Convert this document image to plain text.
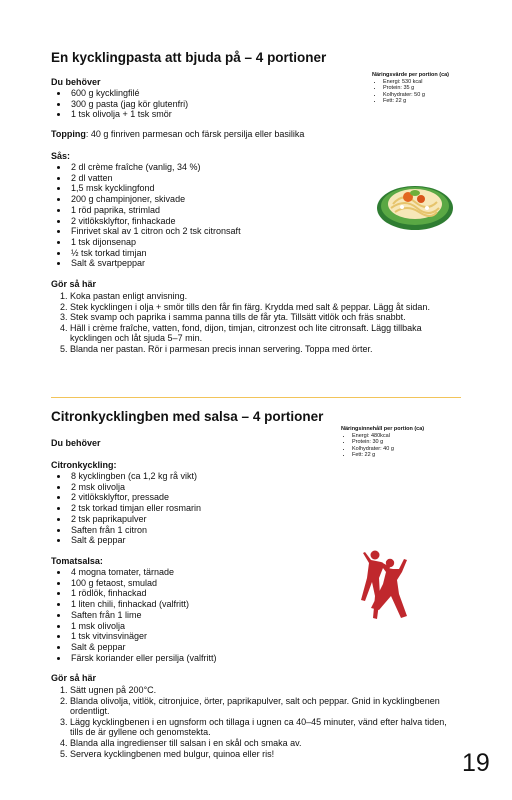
En kycklingpasta att bjuda på – 4 portioner
Du behöver
• 600 g kycklingfilé
• 300 g pasta (jag kör glutenfri)
• 1 tsk olivolja + 1 tsk smör

Topping: 40 g finriven parmesan och färsk persilja eller basilika

Sås:
• 2 dl crème fraîche (vanlig, 34 %)
• 2 dl vatten
• 1,5 msk kycklingfond
• 200 g champinjoner, skivade
• 1 röd paprika, strimlad
• 2 vitlöksklyftor, finhackade
• Finrivet skal av 1 citron och 2 tsk citronsaft
• 1 tsk dijonsenap
• ½ tsk torkad timjan
• Salt & svartpeppar
Gör så här
1. Koka pastan enligt anvisning.
2. Stek kycklingen i olja + smör tills den får fin färg. Krydda med salt & peppar. Lägg åt sidan.
3. Stek svamp och paprika i samma panna tills de får yta. Tillsätt vitlök och fräs snabbt.
4. Häll i crème fraîche, vatten, fond, dijon, timjan, citronzest och lite citronsaft. Lägg tillbaka kycklingen och låt sjuda 5–7 min.
5. Blanda ner pastan. Rör i parmesan precis innan servering. Toppa med örter.
Näringsvärde per portion (ca)
• Energi: 530 kcal
• Protein: 35 g
• Kolhydrater: 50 g
• Fett: 22 g
Citronkycklingben med salsa – 4 portioner
Du behöver
Citronkyckling:
• 8 kycklingben (ca 1,2 kg rå vikt)
• 2 msk olivolja
• 2 vitlöksklyftor, pressade
• 2 tsk torkad timjan eller rosmarin
• 2 tsk paprikapulver
• Saften från 1 citron
• Salt & peppar
Tomatsalsa:
• 4 mogna tomater, tärnade
• 100 g fetaost, smulad
• 1 rödlök, finhackad
• 1 liten chili, finhackad (valfritt)
• Saften från 1 lime
• 1 msk olivolja
• 1 tsk vitvinsvinäger
• Salt & peppar
• Färsk koriander eller persilja (valfritt)
Gör så här
1. Sätt ugnen på 200°C.
2. Blanda olivolja, vitlök, citronjuice, örter, paprikapulver, salt och peppar. Gnid in kycklingbenen ordentligt.
3. Lägg kycklingbenen i en ugnsform och tillaga i ugnen ca 40–45 minuter, vänd efter halva tiden, tills de är gyllene och genomstekta.
4. Blanda alla ingredienser till salsan i en skål och smaka av.
5. Servera kycklingbenen med bulgur, quinoa eller ris!
Näringsinnehåll per portion (ca)
• Energi: 480kcal
• Protein: 30 g
• Kolhydrater: 40 g
• Fett: 22 g
19
